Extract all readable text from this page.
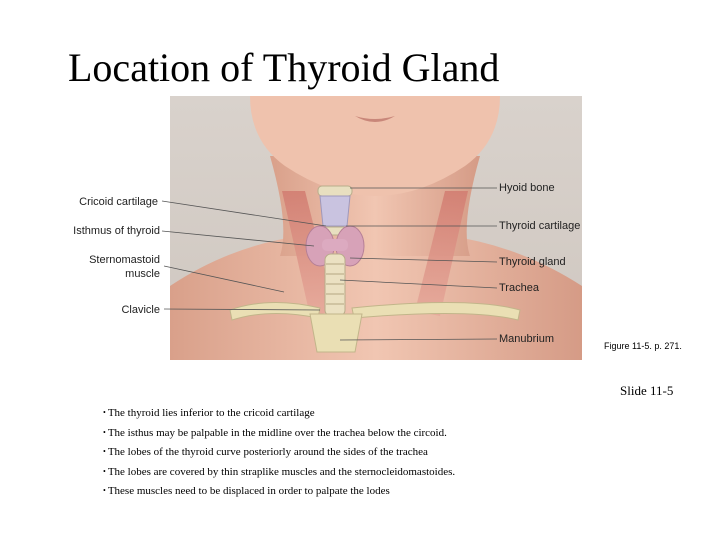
Location of Thyroid Gland
Cricoid cartilage
Isthmus of thyroid
Sternomastoid
muscle
Clavicle
Hyoid bone
Thyroid cartilage
Thyroid gland
Trachea
Manubrium
Figure 11-5. p. 271.
Slide 11-5
• The thyroid lies inferior to the cricoid cartilage
• The isthus may be palpable in the midline over the trachea below the circoid.
• The lobes of the thyroid curve posteriorly around the sides of the trachea
• The lobes are covered by thin straplike muscles and the sternocleidomastoides.
• These muscles need to be displaced in order to palpate the lodes
